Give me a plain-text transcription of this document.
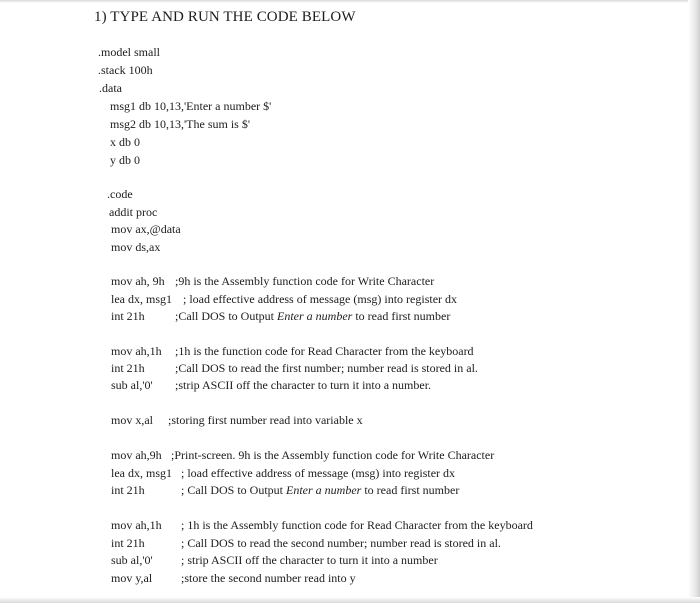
1) TYPE AND RUN THE CODE BELOW
.model small
.stack 100h
.data
msg1 db 10,13,'Enter a number $'
msg2 db 10,13,'The sum is $'
x db 0
y db 0
.code
addit proc
mov ax,@data
mov ds,ax
mov ah, 9h ;9h is the Assembly function code for Write Character
lea dx, msg1 ; load effective address of message (msg) into register dx
int 21h	;Call DOS to Output Enter a number to read first number
mov ah,1h ;1h is the function code for Read Character from the keyboard
int 21h	;Call DOS to read the first number; number read is stored in al.
sub al,'0' ;strip ASCII off the character to turn it into a number.
mov x,al ;storing first number read into variable x
mov ah,9h ;Print-screen. 9h is the Assembly function code for Write Character
lea dx, msg1 ; load effective address of message (msg) into register dx
int 21h	; Call DOS to Output Enter a number to read first number
mov ah,1h ; 1h is the Assembly function code for Read Character from the keyboard
int 21h	; Call DOS to read the second number; number read is stored in al.
sub al,'0' ; strip ASCII off the character to turn it into a number
mov y,al ;store the second number read into y
